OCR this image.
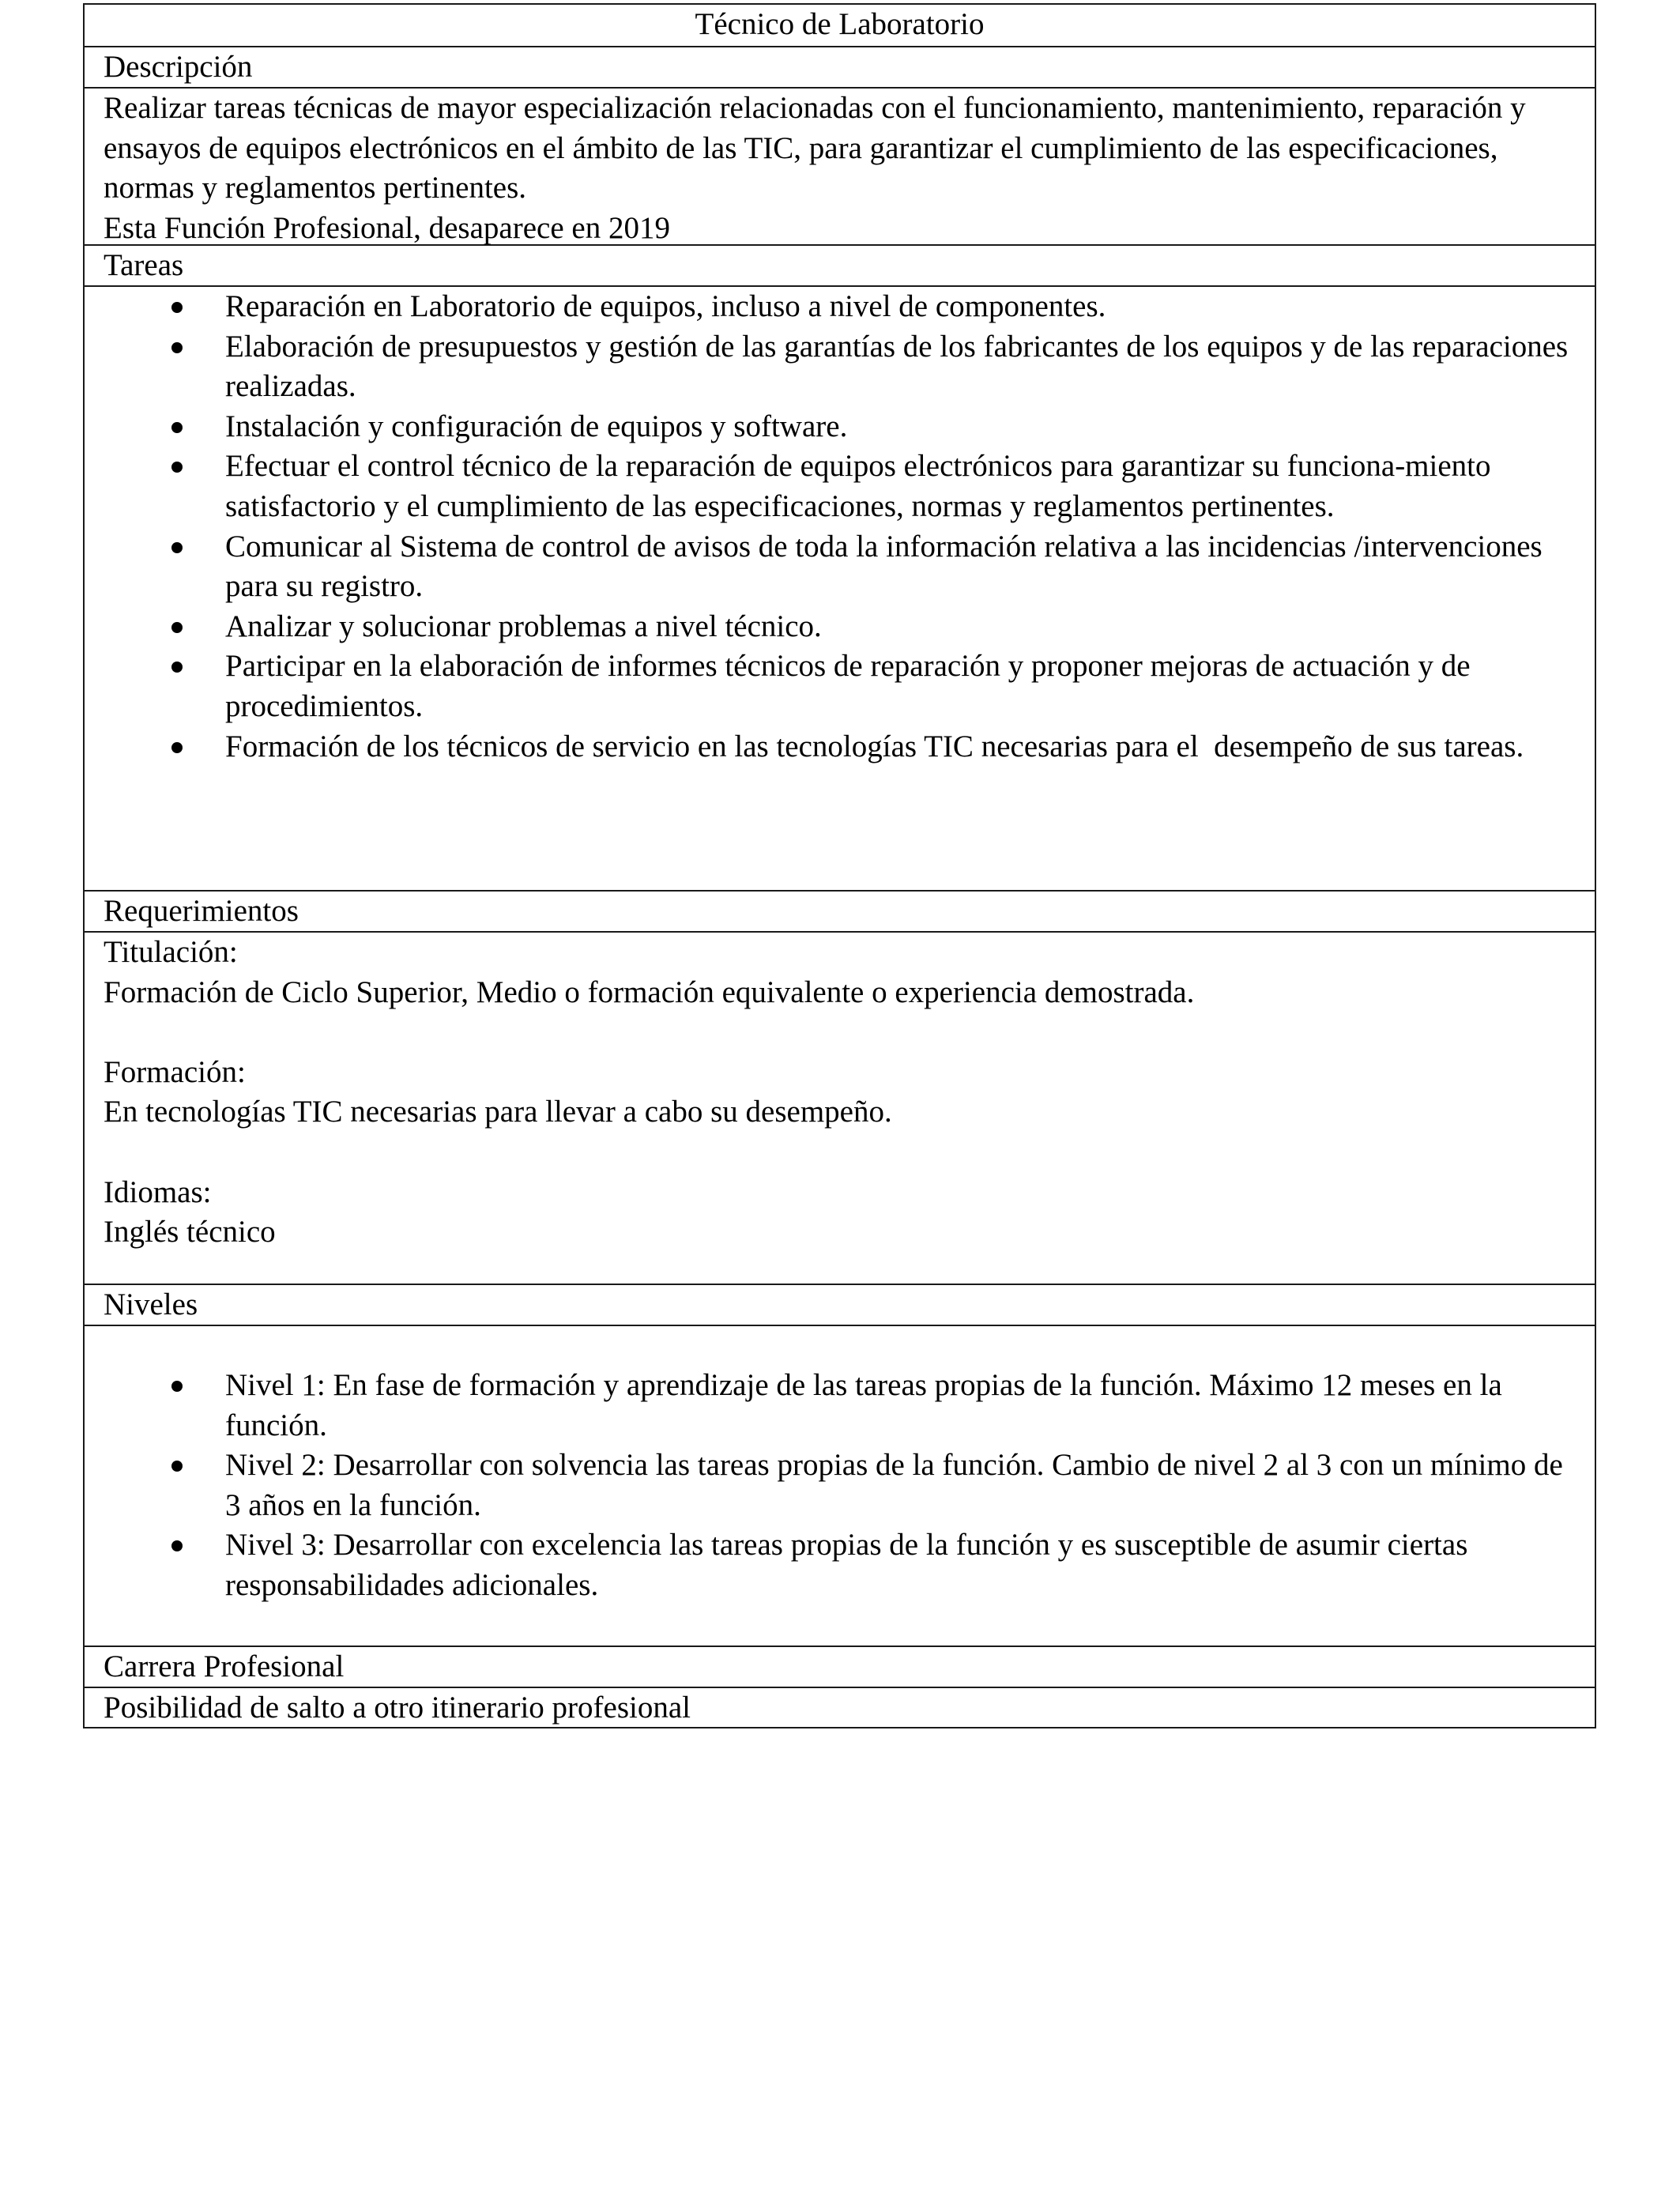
Técnico de Laboratorio
Descripción
Realizar tareas técnicas de mayor especialización relacionadas con el funcionamiento, mantenimiento, reparación y ensayos de equipos electrónicos en el ámbito de las TIC, para garantizar el cumplimiento de las especificaciones, normas y reglamentos pertinentes.
Esta Función Profesional, desaparece en 2019
Tareas
Reparación en Laboratorio de equipos, incluso a nivel de componentes.
Elaboración de presupuestos y gestión de las garantías de los fabricantes de los equipos y de las reparaciones realizadas.
Instalación y configuración de equipos y software.
Efectuar el control técnico de la reparación de equipos electrónicos para garantizar su funciona-miento satisfactorio y el cumplimiento de las especificaciones, normas y reglamentos pertinentes.
Comunicar al Sistema de control de avisos de toda la información relativa a las incidencias /intervenciones para su registro.
Analizar y solucionar problemas a nivel técnico.
Participar en la elaboración de informes técnicos de reparación y proponer mejoras de actuación y de procedimientos.
Formación de los técnicos de servicio en las tecnologías TIC necesarias para el  desempeño de sus tareas.
Requerimientos
Titulación:
Formación de Ciclo Superior, Medio o formación equivalente o experiencia demostrada.
Formación:
En tecnologías TIC necesarias para llevar a cabo su desempeño.
Idiomas:
Inglés técnico
Niveles
Nivel 1: En fase de formación y aprendizaje de las tareas propias de la función. Máximo 12 meses en la función.
Nivel 2: Desarrollar con solvencia las tareas propias de la función. Cambio de nivel 2 al 3 con un mínimo de 3 años en la función.
Nivel 3: Desarrollar con excelencia las tareas propias de la función y es susceptible de asumir ciertas responsabilidades adicionales.
Carrera Profesional
Posibilidad de salto a otro itinerario profesional
